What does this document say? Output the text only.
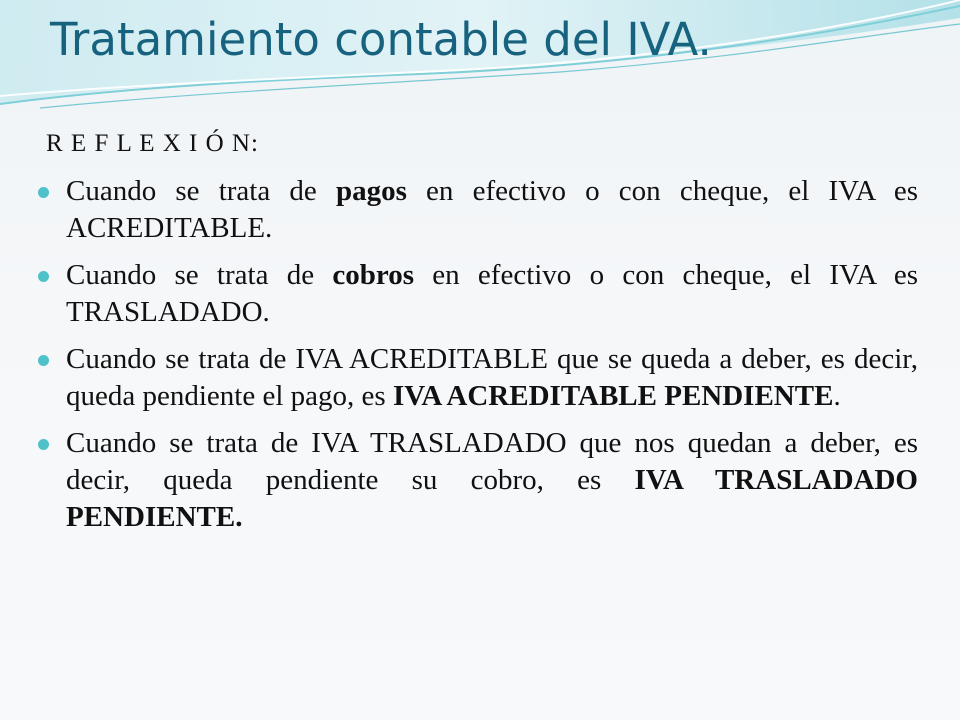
Tratamiento contable del IVA.
R E F L E X I Ó N:
Cuando se trata de pagos en efectivo o con cheque, el IVA es ACREDITABLE.
Cuando se trata de cobros en efectivo o con cheque, el IVA es TRASLADADO.
Cuando se trata de IVA ACREDITABLE que se queda a deber, es decir, queda pendiente el pago, es IVA ACREDITABLE PENDIENTE.
Cuando se trata de IVA TRASLADADO que nos quedan a deber, es decir, queda pendiente su cobro, es IVA TRASLADADO PENDIENTE.
